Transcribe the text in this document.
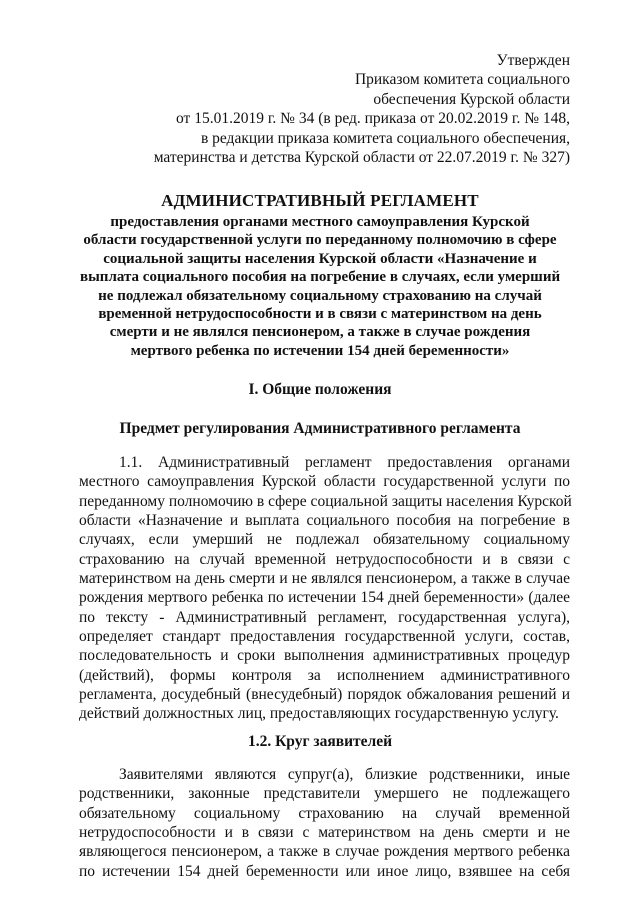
Утвержден
Приказом комитета социального
обеспечения Курской области
от 15.01.2019 г. № 34 (в ред. приказа от 20.02.2019 г. № 148,
в редакции приказа комитета социального обеспечения,
материнства и детства Курской области от 22.07.2019 г. № 327)
АДМИНИСТРАТИВНЫЙ РЕГЛАМЕНТ
предоставления органами местного самоуправления Курской
области государственной услуги по переданному полномочию в сфере
социальной защиты населения Курской области «Назначение и
выплата социального пособия на погребение в случаях, если умерший
не подлежал обязательному социальному страхованию на случай
временной нетрудоспособности и в связи с материнством на день
смерти и не являлся пенсионером, а также в случае рождения
мертвого ребенка по истечении 154 дней беременности»
I. Общие положения
Предмет регулирования Административного регламента
1.1. Административный регламент предоставления органами
местного самоуправления Курской области государственной услуги по
переданному полномочию в сфере социальной защиты населения Курской
области «Назначение и выплата социального пособия на погребение в
случаях, если умерший не подлежал обязательному социальному
страхованию на случай временной нетрудоспособности и в связи с
материнством на день смерти и не являлся пенсионером, а также в случае
рождения мертвого ребенка по истечении 154 дней беременности» (далее
по тексту - Административный регламент, государственная услуга),
определяет стандарт предоставления государственной услуги, состав,
последовательность и сроки выполнения административных процедур
(действий), формы контроля за исполнением административного
регламента, досудебный (внесудебный) порядок обжалования решений и
действий должностных лиц, предоставляющих государственную услугу.
1.2. Круг заявителей
Заявителями являются супруг(а), близкие родственники, иные
родственники, законные представители умершего не подлежащего
обязательному социальному страхованию на случай временной
нетрудоспособности и в связи с материнством на день смерти и не
являющегося пенсионером, а также в случае рождения мертвого ребенка
по истечении 154 дней беременности или иное лицо, взявшее на себя
